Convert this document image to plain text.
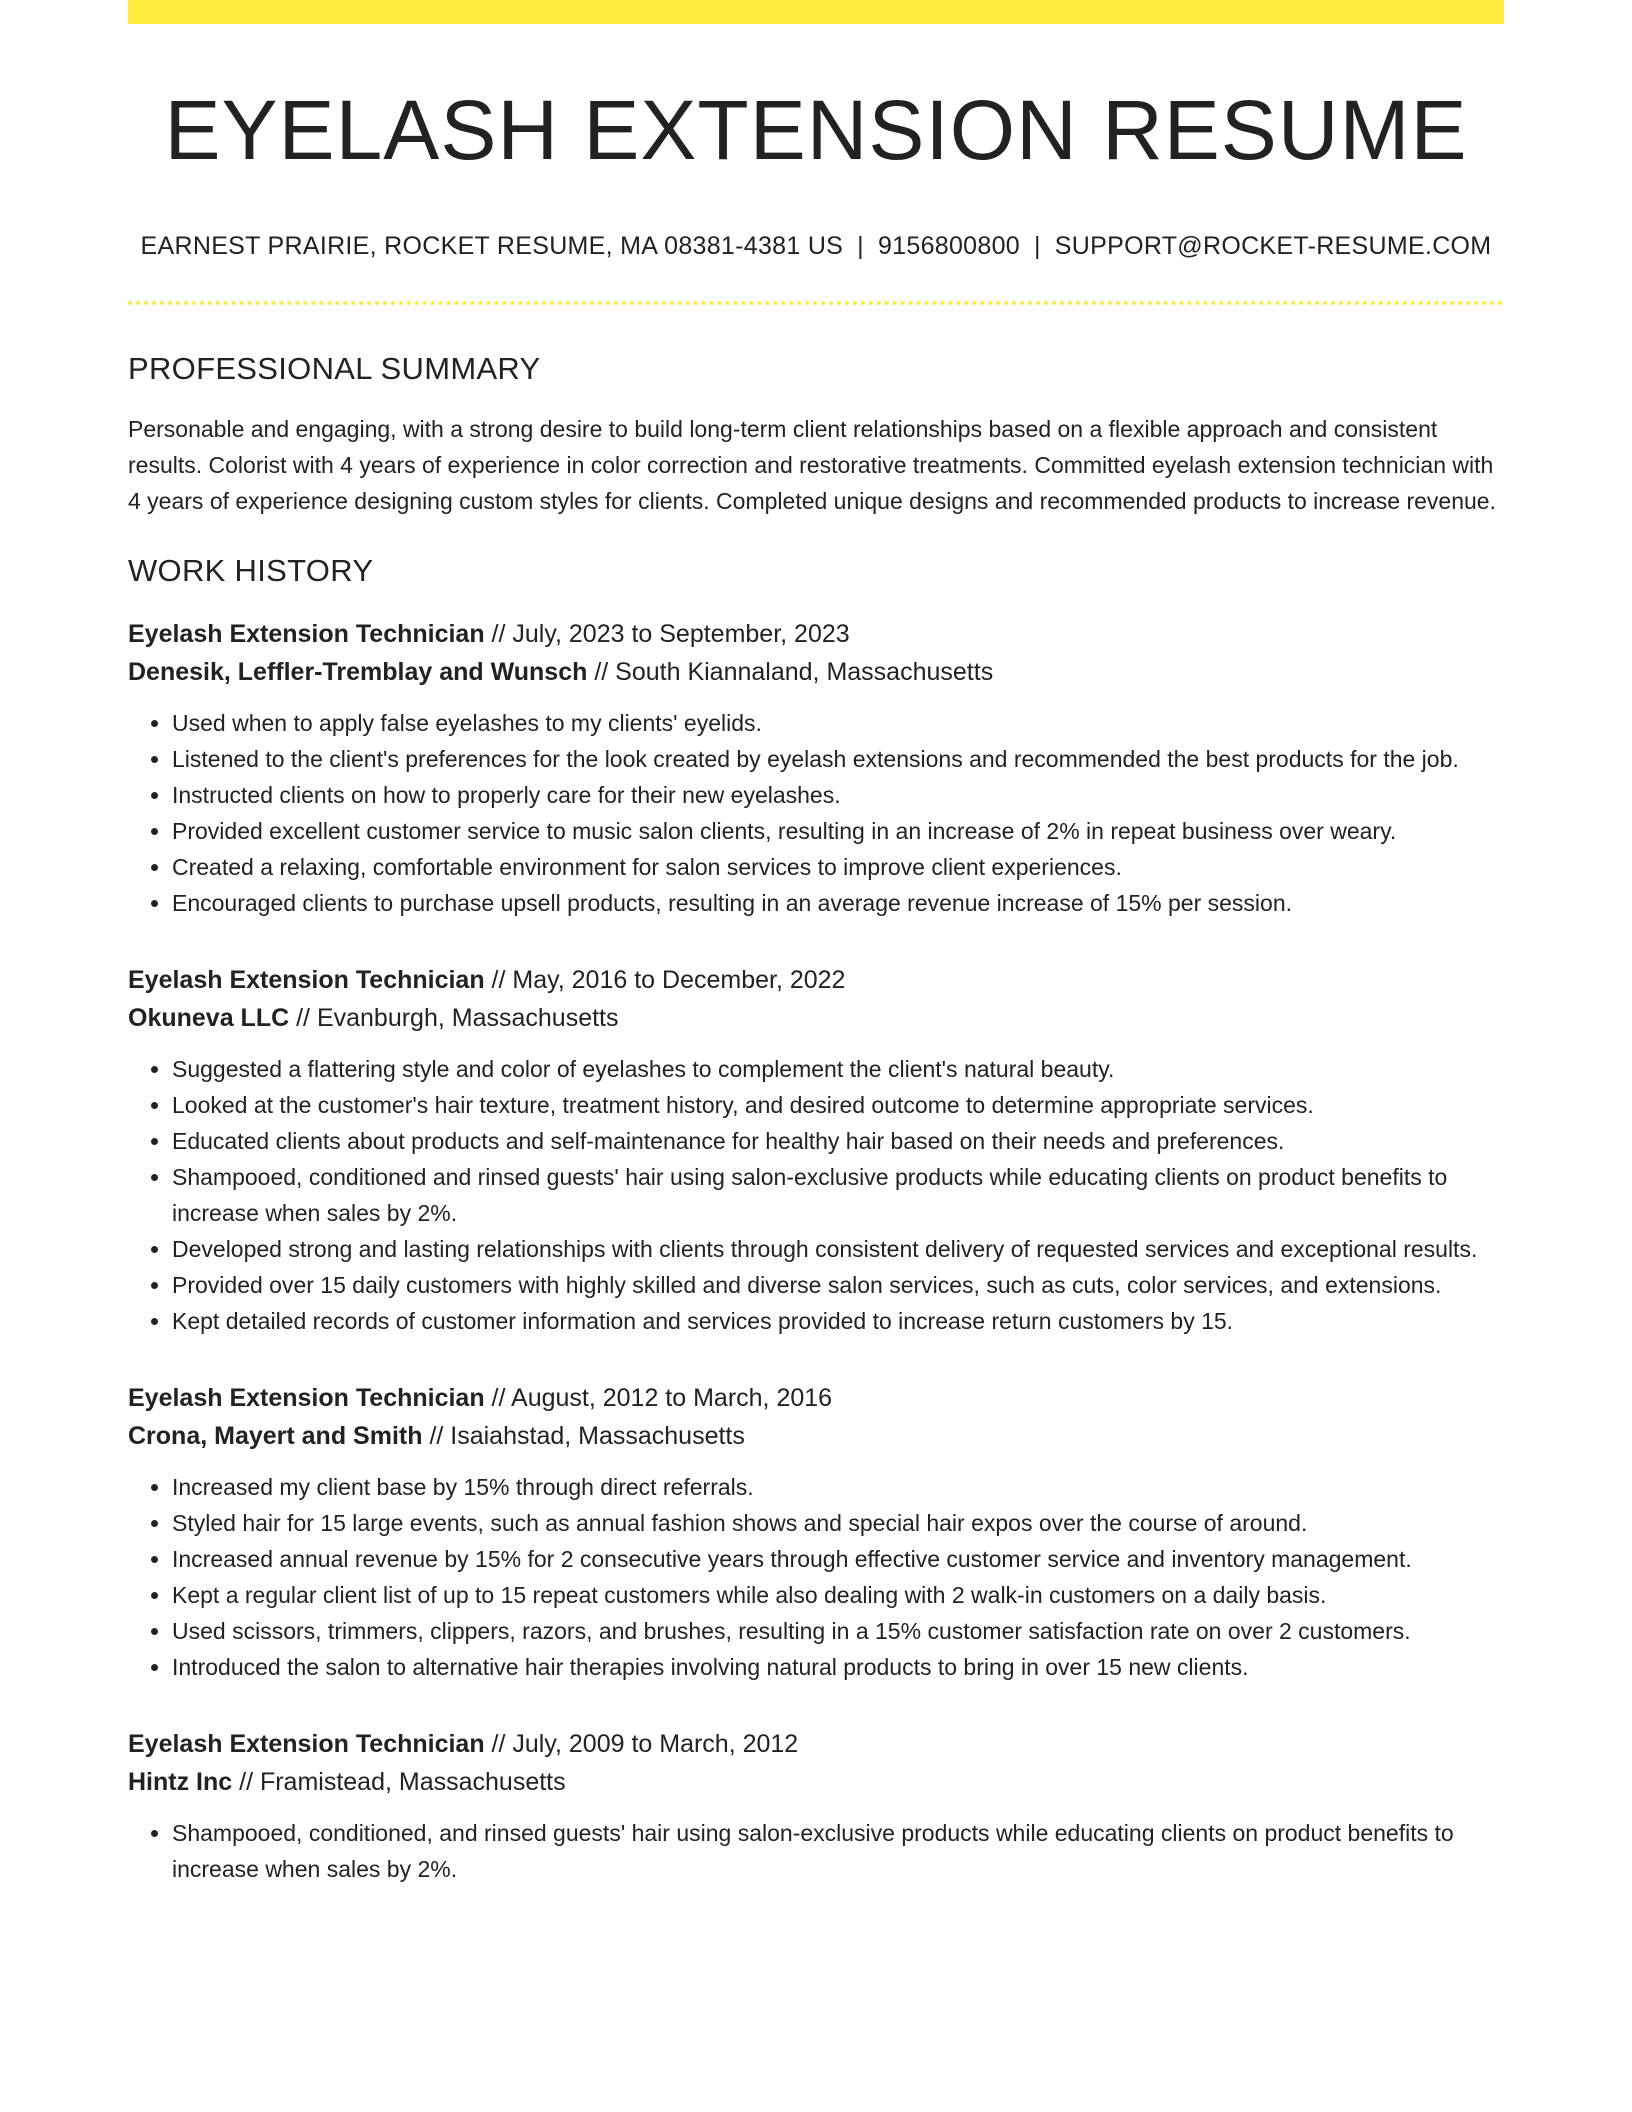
EYELASH EXTENSION RESUME
EARNEST PRAIRIE, ROCKET RESUME, MA 08381-4381 US | 9156800800 | SUPPORT@ROCKET-RESUME.COM
PROFESSIONAL SUMMARY

Personable and engaging, with a strong desire to build long-term client relationships based on a flexible approach and consistent results. Colorist with 4 years of experience in color correction and restorative treatments. Committed eyelash extension technician with 4 years of experience designing custom styles for clients. Completed unique designs and recommended products to increase revenue.

WORK HISTORY
Eyelash Extension Technician // July, 2023 to September, 2023
Denesik, Leffler-Tremblay and Wunsch // South Kiannaland, Massachusetts
• Used when to apply false eyelashes to my clients' eyelids.
• Listened to the client's preferences for the look created by eyelash extensions and recommended the best products for the job.
• Instructed clients on how to properly care for their new eyelashes.
• Provided excellent customer service to music salon clients, resulting in an increase of 2% in repeat business over weary.
• Created a relaxing, comfortable environment for salon services to improve client experiences.
• Encouraged clients to purchase upsell products, resulting in an average revenue increase of 15% per session.
Eyelash Extension Technician // May, 2016 to December, 2022
Okuneva LLC // Evanburgh, Massachusetts
• Suggested a flattering style and color of eyelashes to complement the client's natural beauty.
• Looked at the customer's hair texture, treatment history, and desired outcome to determine appropriate services.
• Educated clients about products and self-maintenance for healthy hair based on their needs and preferences.
• Shampooed, conditioned and rinsed guests' hair using salon-exclusive products while educating clients on product benefits to increase when sales by 2%.
• Developed strong and lasting relationships with clients through consistent delivery of requested services and exceptional results.
• Provided over 15 daily customers with highly skilled and diverse salon services, such as cuts, color services, and extensions.
• Kept detailed records of customer information and services provided to increase return customers by 15.
Eyelash Extension Technician // August, 2012 to March, 2016
Crona, Mayert and Smith // Isaiahstad, Massachusetts
• Increased my client base by 15% through direct referrals.
• Styled hair for 15 large events, such as annual fashion shows and special hair expos over the course of around.
• Increased annual revenue by 15% for 2 consecutive years through effective customer service and inventory management.
• Kept a regular client list of up to 15 repeat customers while also dealing with 2 walk-in customers on a daily basis.
• Used scissors, trimmers, clippers, razors, and brushes, resulting in a 15% customer satisfaction rate on over 2 customers.
• Introduced the salon to alternative hair therapies involving natural products to bring in over 15 new clients.
Eyelash Extension Technician // July, 2009 to March, 2012
Hintz Inc // Framistead, Massachusetts
• Shampooed, conditioned, and rinsed guests' hair using salon-exclusive products while educating clients on product benefits to increase when sales by 2%.
